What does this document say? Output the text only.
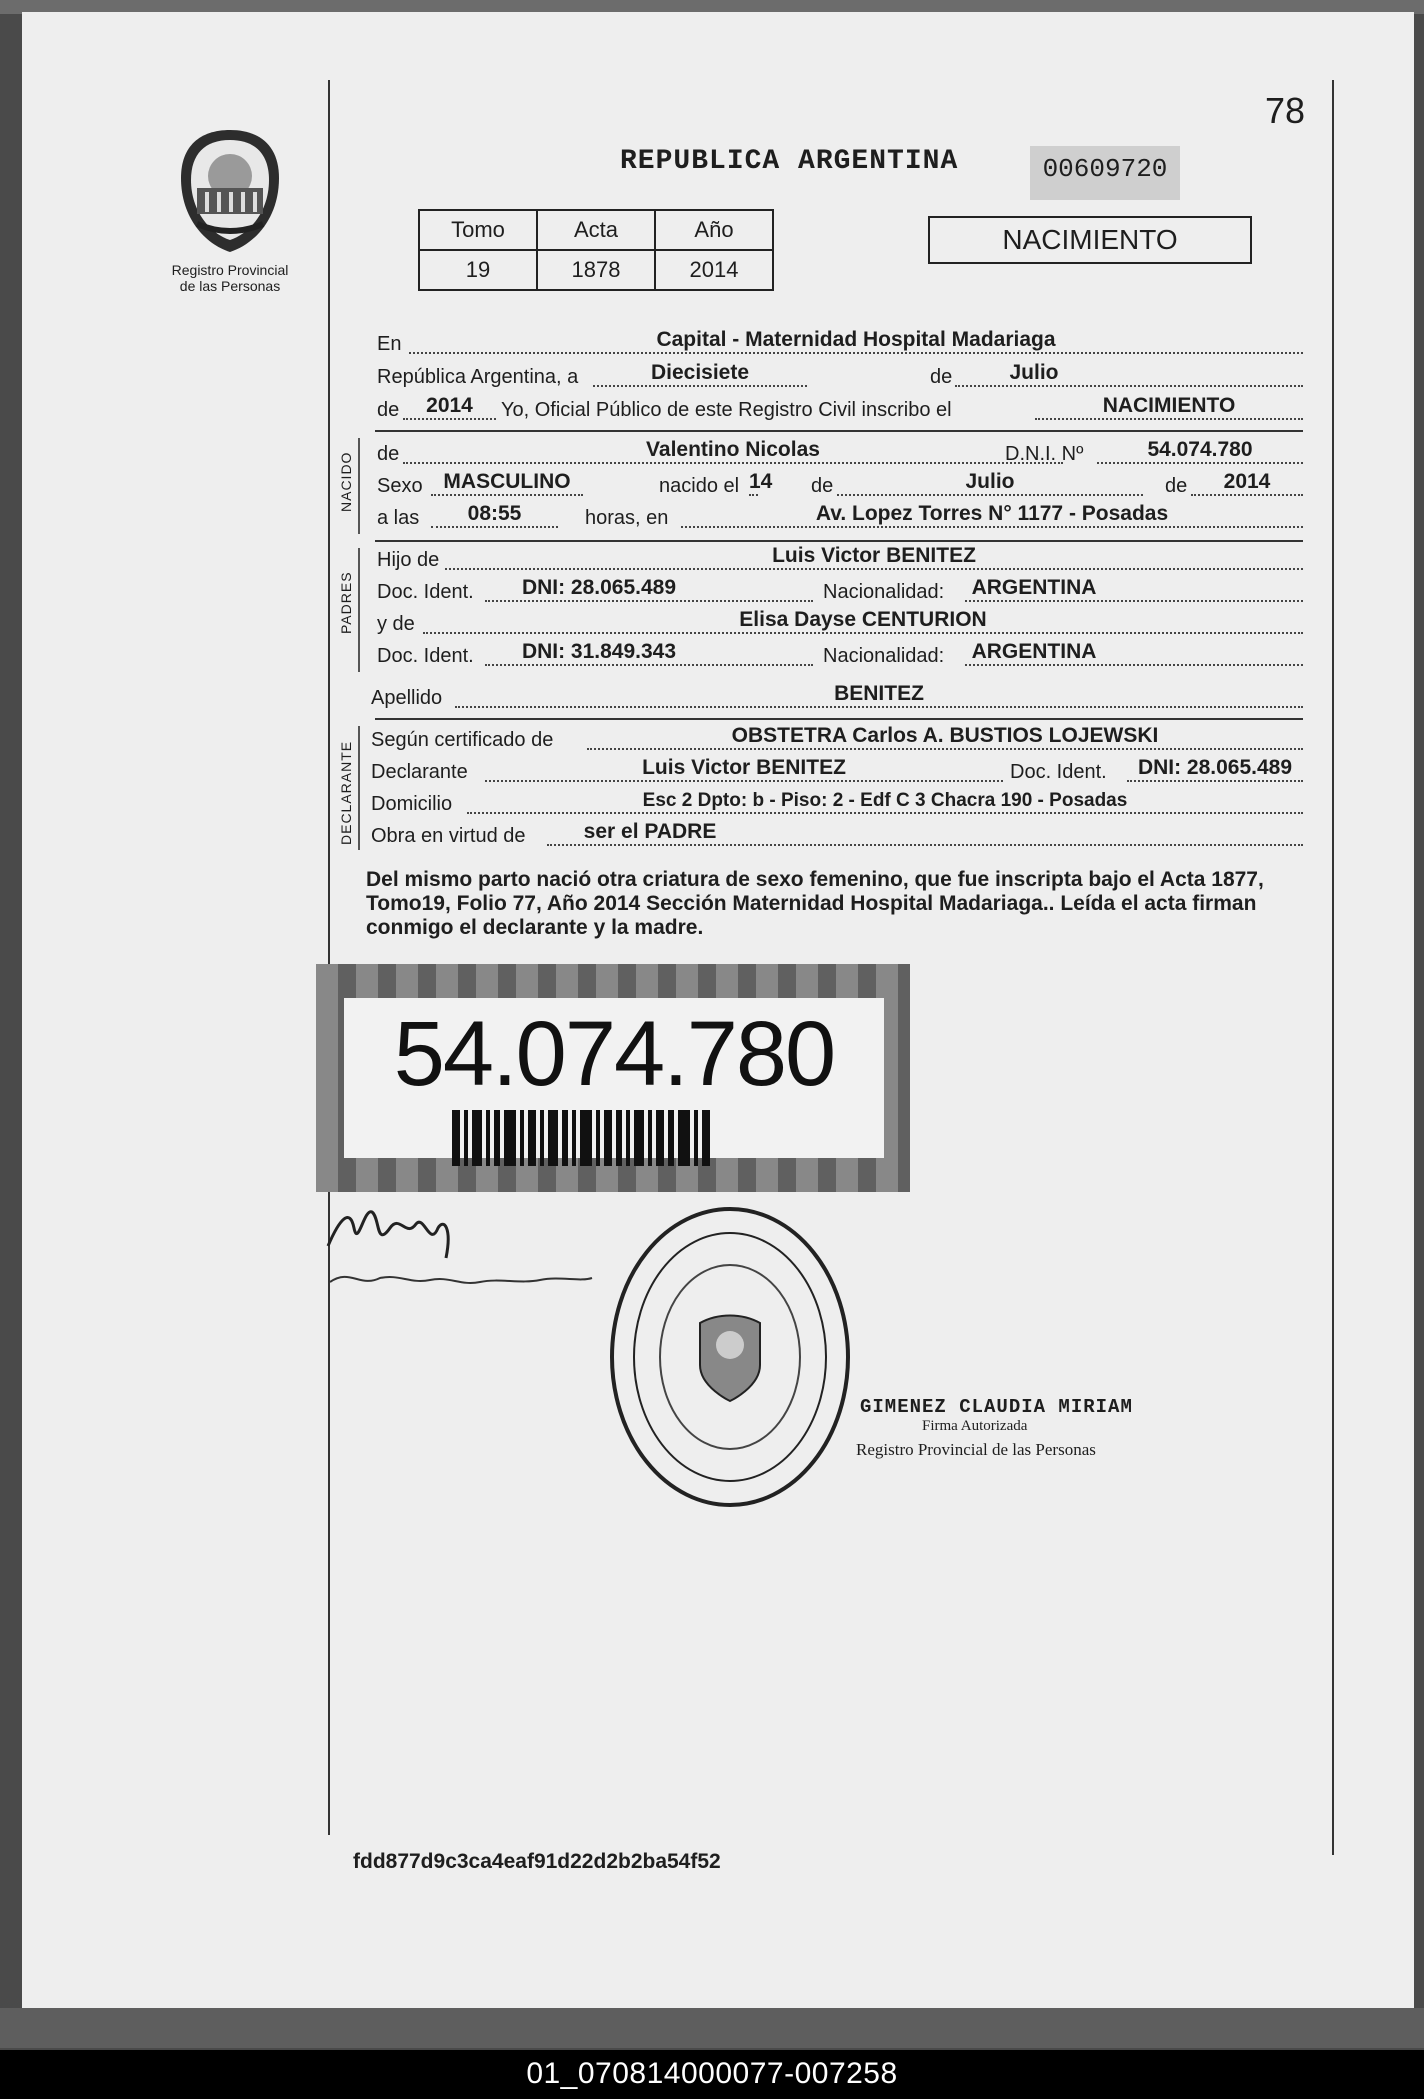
78
Registro Provincial
de las Personas
REPUBLICA ARGENTINA	00609720
Tomo	Acta	Año
19	1878	2014
NACIMIENTO
En	Capital - Maternidad Hospital Madariaga
República Argentina, a	Diecisiete	de	Julio
de	2014	Yo, Oficial Público de este Registro Civil inscribo el	NACIMIENTO
NACIDO de	Valentino Nicolas	D.N.I. Nº	54.074.780
Sexo MASCULINO	nacido el 14 de	Julio	de	2014
a las	08:55	horas, en	Av. Lopez Torres N° 1177 - Posadas
PADRES
Hijo de	Luis Victor BENITEZ
Doc. Ident.	DNI: 28.065.489	Nacionalidad:	ARGENTINA
y de	Elisa Dayse CENTURION
Doc. Ident.	DNI: 31.849.343	Nacionalidad:	ARGENTINA
Apellido	BENITEZ
DECLARANTE
Según certificado de	OBSTETRA Carlos A. BUSTIOS LOJEWSKI
Declarante	Luis Victor BENITEZ	Doc. Ident.	DNI: 28.065.489
Domicilio	Esc 2 Dpto: b - Piso: 2 - Edf C 3 Chacra 190 - Posadas
Obra en virtud de	ser el PADRE
Del mismo parto nació otra criatura de sexo femenino, que fue inscripta bajo el Acta 1877, Tomo19, Folio 77, Año 2014 Sección Maternidad Hospital Madariaga.. Leída el acta firman conmigo el declarante y la madre.
54.074.780
GIMENEZ CLAUDIA MIRIAM
Firma Autorizada
Registro Provincial de las Personas
fdd877d9c3ca4eaf91d22d2b2ba54f52
01_070814000077-007258
